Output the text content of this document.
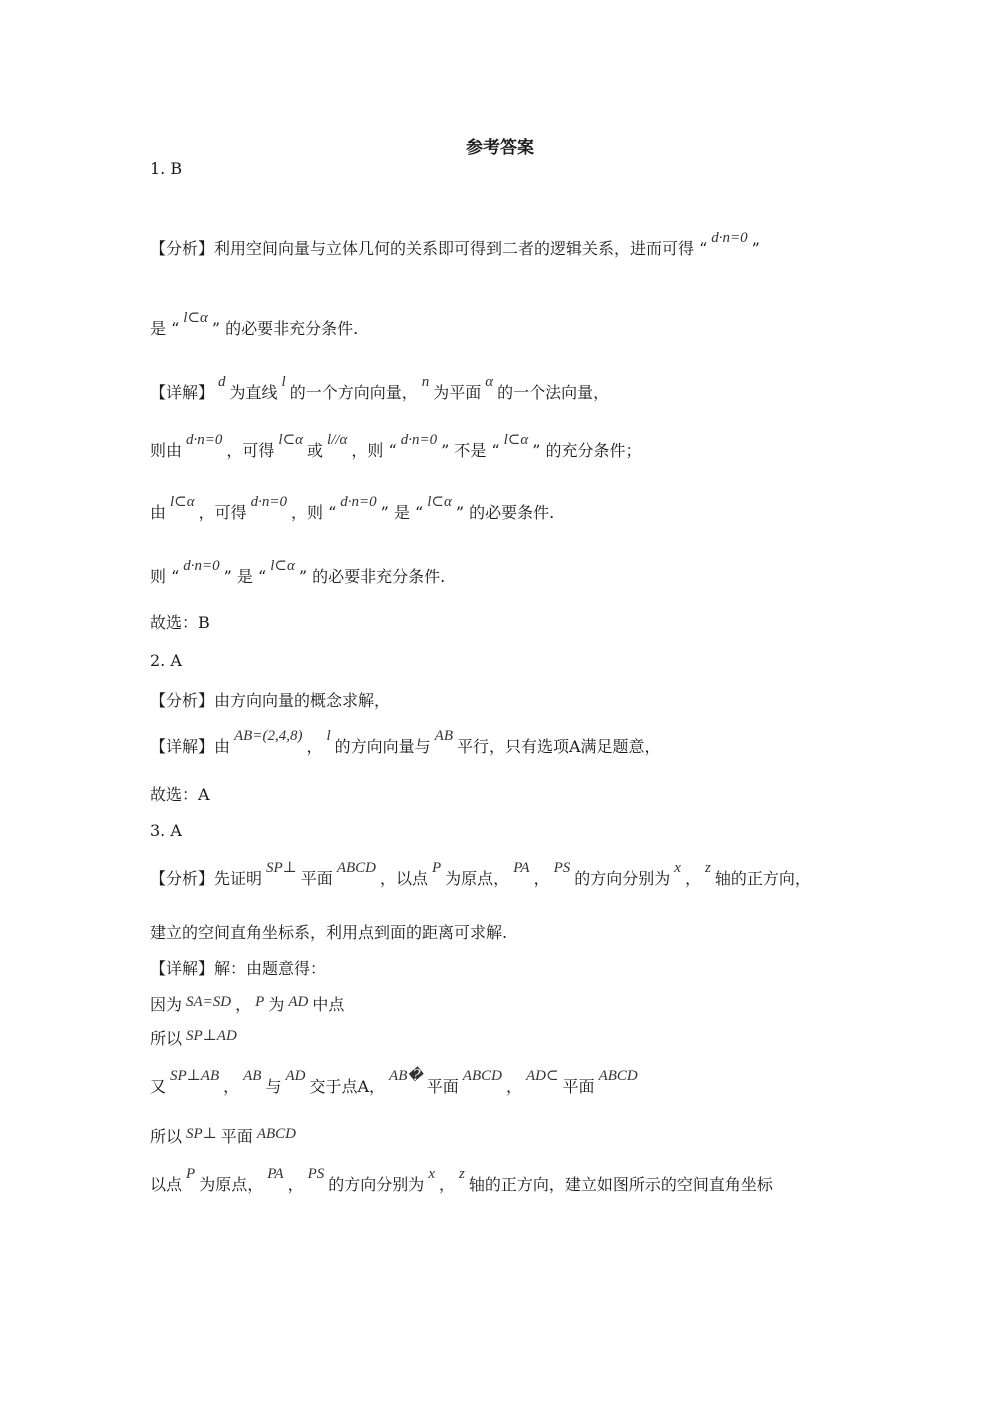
参考答案
1. B
【分析】利用空间向量与立体几何的关系即可得到二者的逻辑关系，进而可得 “d·n=0”
是 “l⊂α” 的必要非充分条件.
【详解】d为直线l的一个方向向量，n为平面α的一个法向量，
则由d·n=0，可得l⊂α或l//α，则 “d·n=0” 不是 “l⊂α” 的充分条件；
由l⊂α，可得d·n=0，则 “d·n=0” 是 “l⊂α” 的必要条件.
则 “d·n=0” 是 “l⊂α” 的必要非充分条件.
故选：B
2. A
【分析】由方向向量的概念求解，
【详解】由AB=(2,4,8)，l的方向向量与AB平行，只有选项A满足题意，
故选：A
3. A
【分析】先证明SP⊥平面ABCD，以点P为原点，PA，PS的方向分别为x，z轴的正方向，
建立的空间直角坐标系，利用点到面的距离可求解.
【详解】解：由题意得：
因为 SA=SD ， P 为 AD 中点
所以 SP⊥AD
又SP⊥AB，AB与AD交于点A，AB�平面ABCD，AD⊂平面ABCD
所以 SP⊥ 平面 ABCD
以点P为原点，PA，PS的方向分别为x，z轴的正方向，建立如图所示的空间直角坐标
